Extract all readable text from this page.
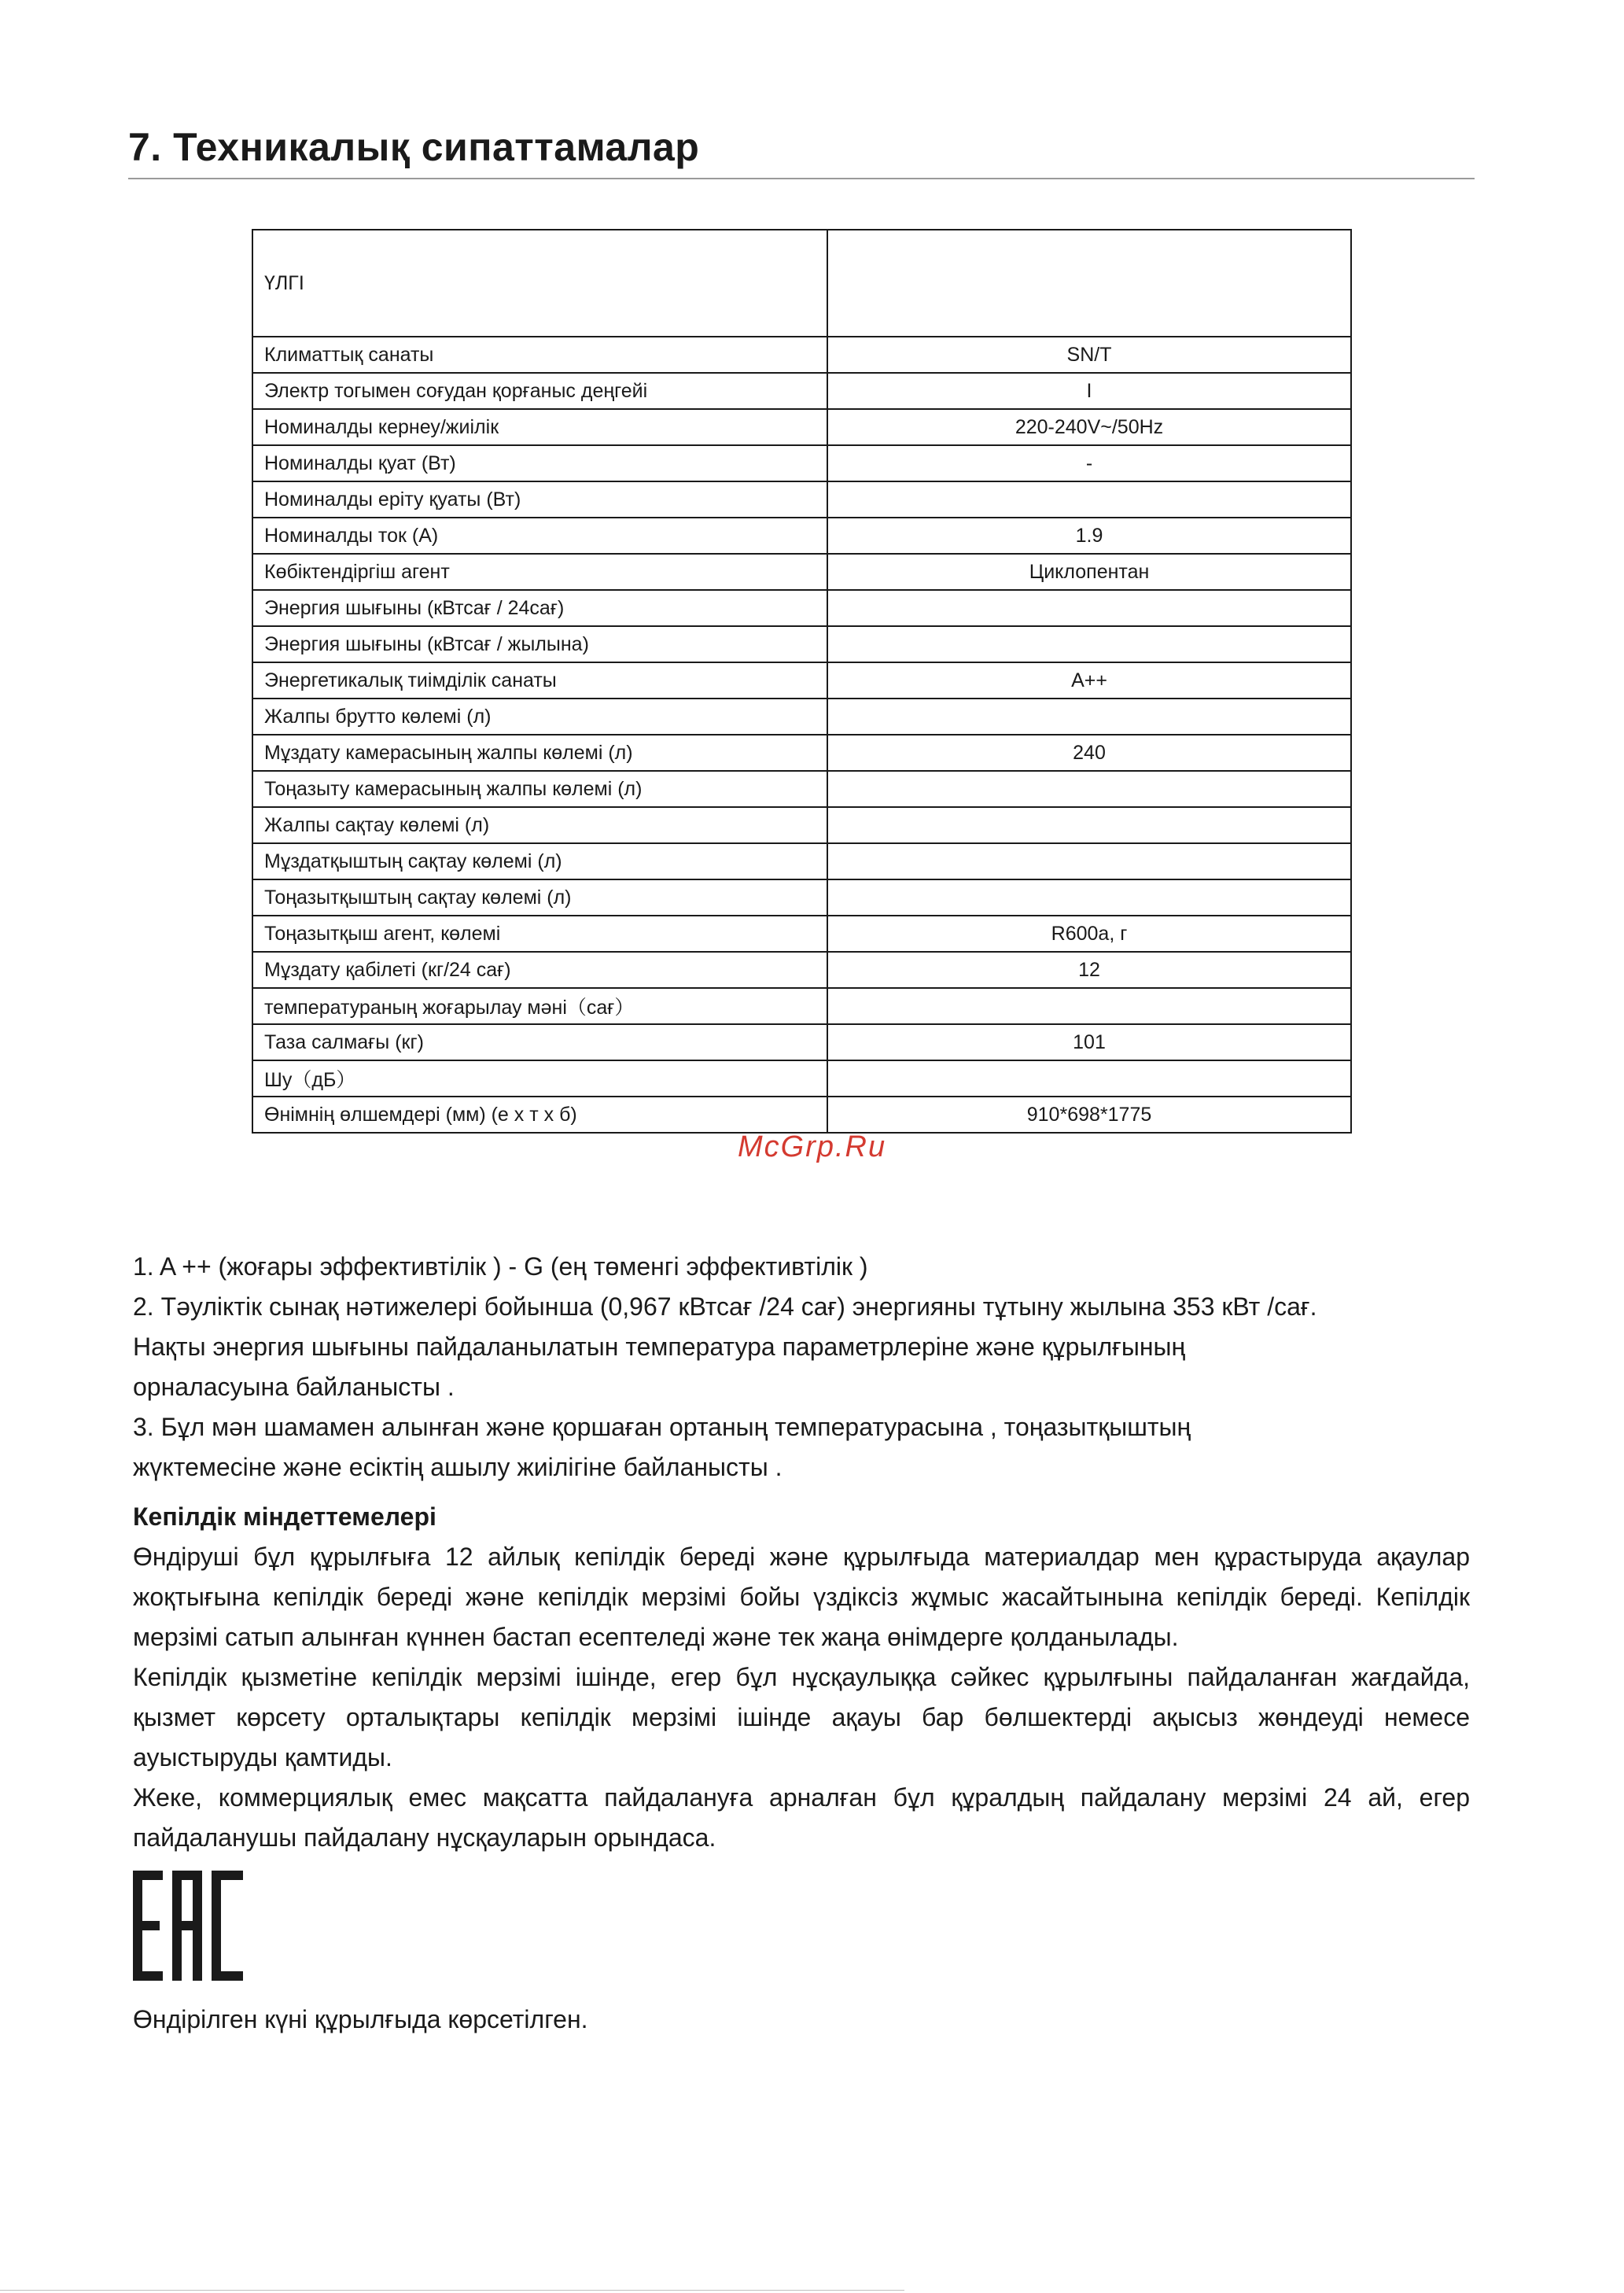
7. Техникалық сипаттамалар
ҮЛГІ	
Климаттық санаты	SN/T
Электр тогымен соғудан қорғаныс деңгейі	I
Номиналды кернеу/жиілік	220-240V~/50Hz
Номиналды қуат (Вт)	-
Номиналды еріту қуаты (Вт)	
Номиналды ток (А)	1.9
Көбіктендіргіш агент	Циклопентан
Энергия шығыны (кВтсағ / 24сағ)	
Энергия шығыны (кВтсағ / жылына)	
Энергетикалық тиімділік санаты	A++
Жалпы брутто көлемі (л)	
Мұздату камерасының жалпы көлемі (л)	240
Тоңазыту камерасының жалпы көлемі (л)	
Жалпы сақтау көлемі (л)	
Мұздатқыштың сақтау көлемі (л)	
Тоңазытқыштың сақтау көлемі (л)	
Тоңазытқыш агент, көлемі	R600a, г
Мұздату қабілеті (кг/24 сағ)	12
температураның жоғарылау мәні（сағ）	
Таза салмағы (кг)	101
Шу（дБ）	
Өнімнің өлшемдері (мм) (е х т х б)	910*698*1775
McGrp.Ru

1. A ++ (жоғары эффективтілік ) - G (ең төменгі эффективтілік )

2. Тәуліктік сынақ нәтижелері бойынша (0,967 кВтсағ /24 сағ) энергияны тұтыну жылына 353 кВт /сағ.

Нақты энергия шығыны пайдаланылатын температура параметрлеріне және құрылғының

орналасуына байланысты .

3. Бұл мән шамамен алынған және қоршаған ортаның температурасына , тоңазытқыштың

жүктемесіне және есіктің ашылу жиілігіне байланысты .

Кепілдік міндеттемелері

Өндіруші бұл құрылғыға 12 айлық кепілдік береді және құрылғыда материалдар мен құрастыруда ақаулар жоқтығына кепілдік береді және кепілдік мерзімі бойы үздіксіз жұмыс жасайтынына кепілдік береді. Кепілдік мерзімі сатып алынған күннен бастап есептеледі және тек жаңа өнімдерге қолданылады.

Кепілдік қызметіне кепілдік мерзімі ішінде, егер бұл нұсқаулыққа сәйкес құрылғыны пайдаланған жағдайда, қызмет көрсету орталықтары кепілдік мерзімі ішінде ақауы бар бөлшектерді ақысыз жөндеуді немесе ауыстыруды қамтиды.

Жеке, коммерциялық емес мақсатта пайдалануға арналған бұл құралдың пайдалану мерзімі 24 ай, егер пайдаланушы пайдалану нұсқауларын орындаса.

Өндірілген күні құрылғыда көрсетілген.
